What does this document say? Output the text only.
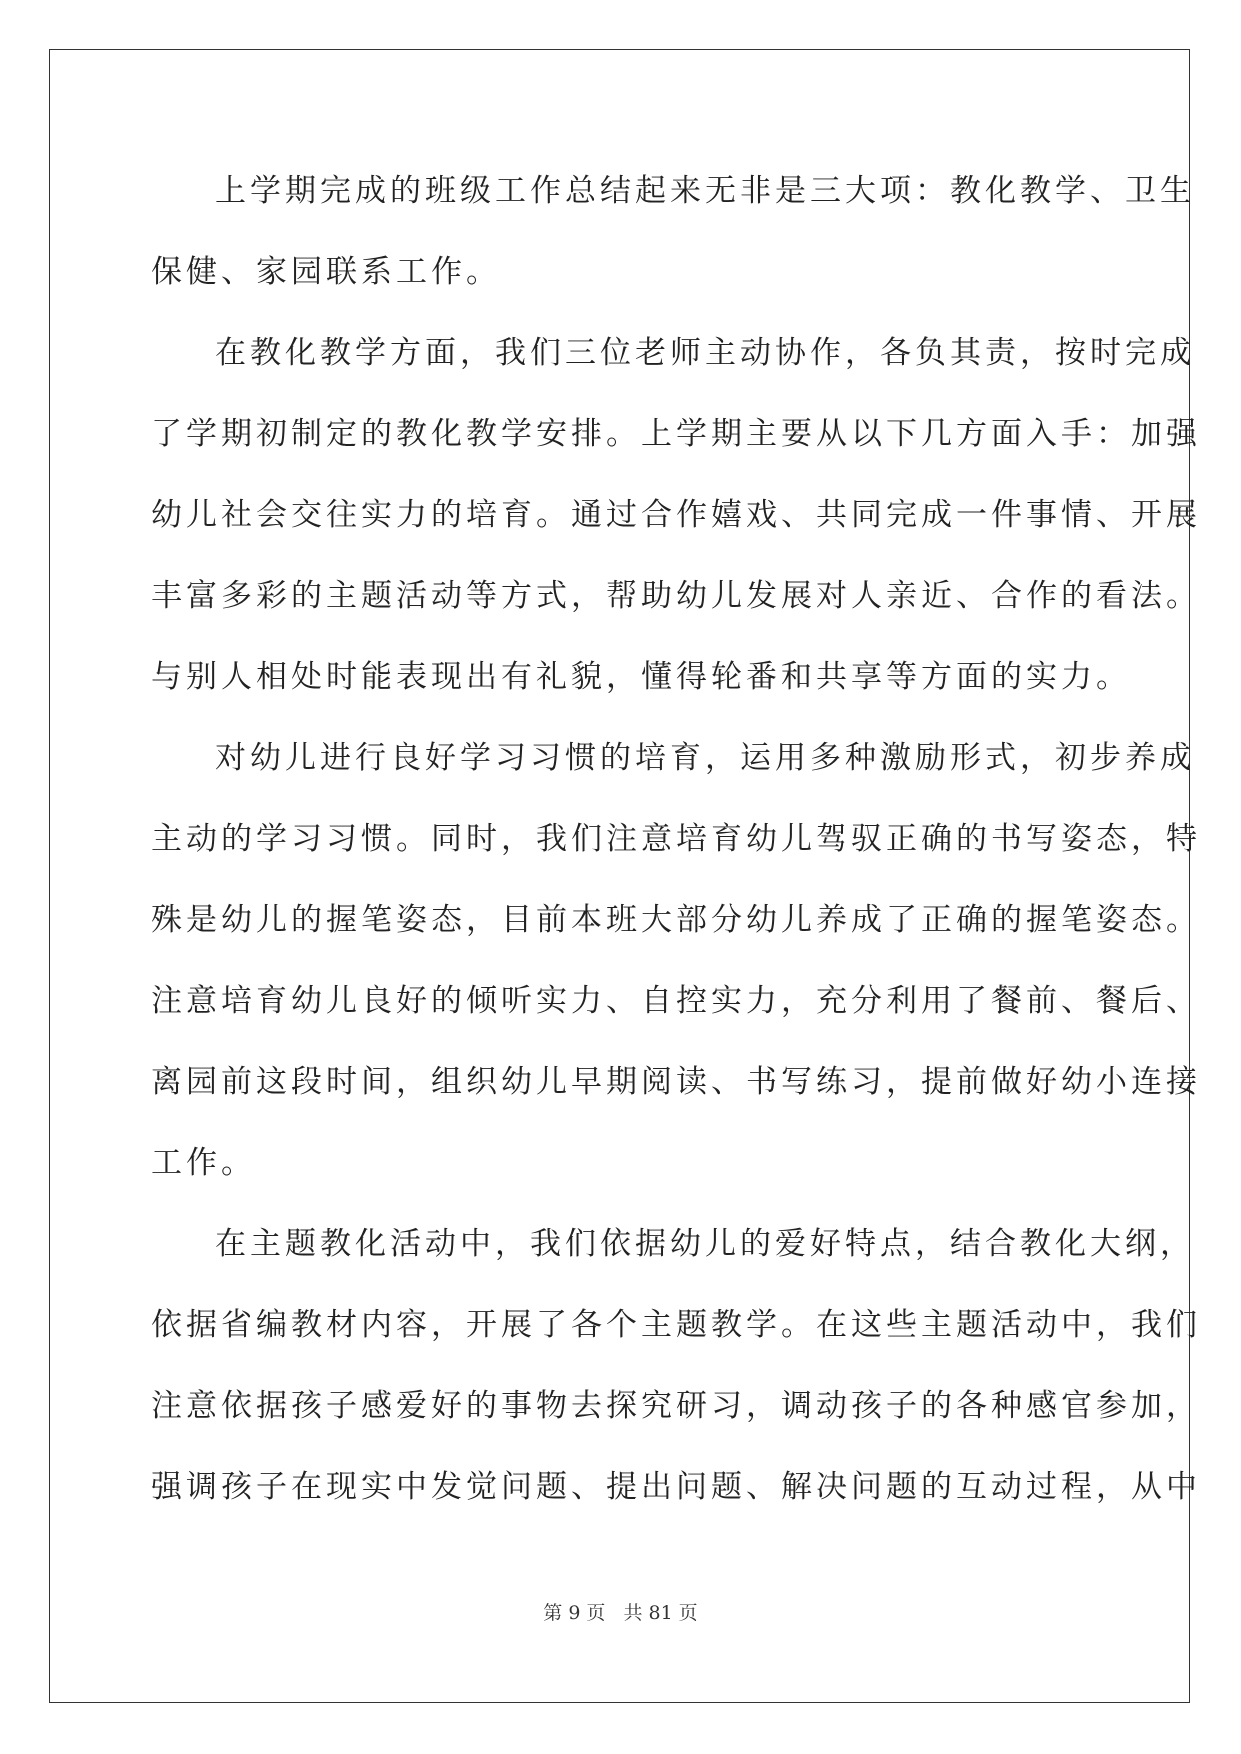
上学期完成的班级工作总结起来无非是三大项：教化教学、卫生
保健、家园联系工作。
在教化教学方面，我们三位老师主动协作，各负其责，按时完成
了学期初制定的教化教学安排。上学期主要从以下几方面入手：加强
幼儿社会交往实力的培育。通过合作嬉戏、共同完成一件事情、开展
丰富多彩的主题活动等方式，帮助幼儿发展对人亲近、合作的看法。
与别人相处时能表现出有礼貌，懂得轮番和共享等方面的实力。
对幼儿进行良好学习习惯的培育，运用多种激励形式，初步养成
主动的学习习惯。同时，我们注意培育幼儿驾驭正确的书写姿态，特
殊是幼儿的握笔姿态，目前本班大部分幼儿养成了正确的握笔姿态。
注意培育幼儿良好的倾听实力、自控实力，充分利用了餐前、餐后、
离园前这段时间，组织幼儿早期阅读、书写练习，提前做好幼小连接
工作。
在主题教化活动中，我们依据幼儿的爱好特点，结合教化大纲，
依据省编教材内容，开展了各个主题教学。在这些主题活动中，我们
注意依据孩子感爱好的事物去探究研习，调动孩子的各种感官参加，
强调孩子在现实中发觉问题、提出问题、解决问题的互动过程，从中
第 9 页 共 81 页
